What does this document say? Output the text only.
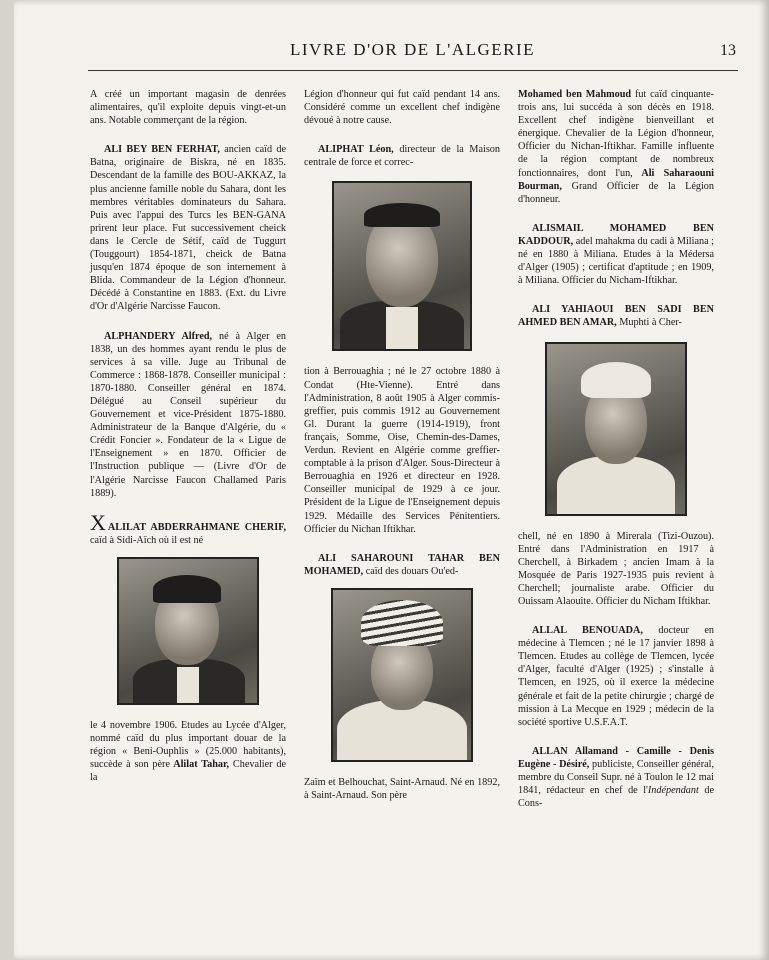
LIVRE D'OR DE L'ALGERIE	13

A créé un important magasin de denrées alimentaires, qu'il exploite depuis vingt-et-un ans. Notable commerçant de la région.

ALI BEY BEN FERHAT, ancien caïd de Batna, originaire de Biskra, né en 1835. Descendant de la famille des BOU-AKKAZ, la plus ancienne famille noble du Sahara, dont les membres véritables dominateurs du Sahara. Puis avec l'appui des Turcs les BEN-GANA prirent leur place. Fut successivement cheick dans le Cercle de Sétif, caïd de Tuggurt (Touggourt) 1854-1871, cheick de Batna jusqu'en 1874 époque de son internement à Blida. Commandeur de la Légion d'honneur. Décédé à Constantine en 1883. (Ext. du Livre d'Or d'Algérie Narcisse Faucon.

ALPHANDERY Alfred, né à Alger en 1838, un des hommes ayant rendu le plus de services à sa ville. Juge au Tribunal de Commerce : 1868-1878. Conseiller municipal : 1870-1880. Conseiller général en 1874. Délégué au Conseil supérieur du Gouvernement et vice-Président 1875-1880. Administrateur de la Banque d'Algérie, du « Crédit Foncier ». Fondateur de la « Ligue de l'Enseignement » en 1870. Officier de l'Instruction publique — (Livre d'Or de l'Algérie Narcisse Faucon Challamed Paris 1889).

XALILAT ABDERRAHMANE CHERIF, caïd à Sidi-Aïch où il est né

le 4 novembre 1906. Etudes au Lycée d'Alger, nommé caïd du plus important douar de la région « Beni-Ouphlis » (25.000 habitants), succède à son père Alilat Tahar, Chevalier de la

Légion d'honneur qui fut caïd pendant 14 ans. Considéré comme un excellent chef indigène dévoué à notre cause.

ALIPHAT Léon, directeur de la Maison centrale de force et correc-

tion à Berrouaghia ; né le 27 octobre 1880 à Condat (Hte-Vienne). Entré dans l'Administration, 8 août 1905 à Alger commis-greffier, puis commis 1912 au Gouvernement Gl. Durant la guerre (1914-1919), front français, Somme, Oise, Chemin-des-Dames, Verdun. Revient en Algérie comme greffier-comptable à la prison d'Alger. Sous-Directeur à Berrouaghia en 1926 et directeur en 1928. Conseiller municipal de 1929 à ce jour. Président de la Ligue de l'Enseignement depuis 1929. Médaille des Services Pénitentiers. Officier du Nichan Iftikhar.

ALI SAHAROUNI TAHAR BEN MOHAMED, caïd des douars Ou'ed-

Zaïm et Belhouchat, Saint-Arnaud. Né en 1892, à Saint-Arnaud. Son père

Mohamed ben Mahmoud fut caïd cinquante-trois ans, lui succéda à son décès en 1918. Excellent chef indigène bienveillant et énergique. Chevalier de la Légion d'honneur, Officier du Nichan-Iftikhar. Famille influente de la région comptant de nombreux fonctionnaires, dont l'un, Ali Saharaouni Bourman, Grand Officier de la Légion d'honneur.

ALISMAIL MOHAMED BEN KADDOUR, adel mahakma du cadi à Miliana ; né en 1880 à Miliana. Etudes à la Médersa d'Alger (1905) ; certificat d'aptitude ; en 1909, à Miliana. Officier du Nicham-Iftikhar.

ALI YAHIAOUI BEN SADI BEN AHMED BEN AMAR, Muphti à Cher-

chell, né en 1890 à Mirerala (Tizi-Ouzou). Entré dans l'Administration en 1917 à Cherchell, à Birkadem ; ancien Imam à la Mosquée de Paris 1927-1935 puis revient à Cherchell; journaliste arabe. Officier du Ouissam Alaouite. Officier du Nicham Iftikhar.

ALLAL BENOUADA, docteur en médecine à Tlemcen ; né le 17 janvier 1898 à Tlemcen. Etudes au collège de Tlemcen, lycée d'Alger, faculté d'Alger (1925) ; s'installe à Tlemcen, en 1925, où il exerce la médecine générale et fait de la petite chirurgie ; chargé de mission à La Mecque en 1929 ; médecin de la société sportive U.S.F.A.T.

ALLAN Allamand - Camille - Denis Eugène - Désiré, publiciste, Conseiller général, membre du Conseil Supr. né à Toulon le 12 mai 1841, rédacteur en chef de l'Indépendant de Cons-
